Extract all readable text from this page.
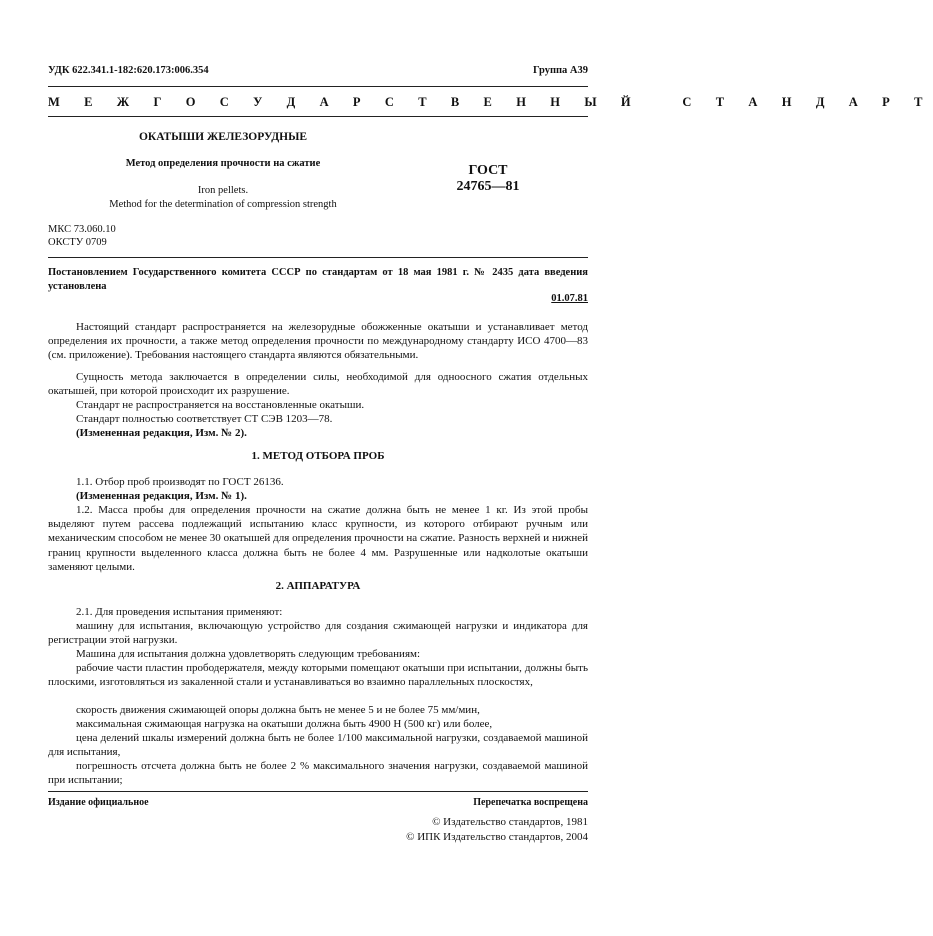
УДК 622.341.1-182:620.173:006.354	Группа А39
М Е Ж Г О С У Д А Р С Т В Е Н Н Ы Й   С Т А Н Д А Р Т
ОКАТЫШИ ЖЕЛЕЗОРУДНЫЕ
Метод определения прочности на сжатие
Iron pellets.
Method for the determination of compression strength
ГОСТ
24765—81
МКС 73.060.10
ОКСТУ 0709
Постановлением Государственного комитета СССР по стандартам от 18 мая 1981 г. № 2435 дата введения установлена
01.07.81
Настоящий стандарт распространяется на железорудные обожженные окатыши и устанавливает метод определения их прочности, а также метод определения прочности по международному стандарту ИСО 4700—83 (см. приложение). Требования настоящего стандарта являются обязательными.
Сущность метода заключается в определении силы, необходимой для одноосного сжатия отдельных окатышей, при которой происходит их разрушение.
Стандарт не распространяется на восстановленные окатыши.
Стандарт полностью соответствует СТ СЭВ 1203—78.
(Измененная редакция, Изм. № 2).
1. МЕТОД ОТБОРА ПРОБ
1.1. Отбор проб производят по ГОСТ 26136.
(Измененная редакция, Изм. № 1).
1.2. Масса пробы для определения прочности на сжатие должна быть не менее 1 кг. Из этой пробы выделяют путем рассева подлежащий испытанию класс крупности, из которого отбирают ручным или механическим способом не менее 30 окатышей для определения прочности на сжатие. Разность верхней и нижней границ крупности выделенного класса должна быть не более 4 мм. Разрушенные или надколотые окатыши заменяют целыми.
2. АППАРАТУРА
2.1. Для проведения испытания применяют:
машину для испытания, включающую устройство для создания сжимающей нагрузки и индикатора для регистрации этой нагрузки.
Машина для испытания должна удовлетворять следующим требованиям:
рабочие части пластин прободержателя, между которыми помещают окатыши при испытании, должны быть плоскими, изготовляться из закаленной стали и устанавливаться во взаимно параллельных плоскостях,
скорость движения сжимающей опоры должна быть не менее 5 и не более 75 мм/мин,
максимальная сжимающая нагрузка на окатыши должна быть 4900 Н (500 кг) или более,
цена делений шкалы измерений должна быть не более 1/100 максимальной нагрузки, создаваемой машиной для испытания,
погрешность отсчета должна быть не более 2 % максимального значения нагрузки, создаваемой машиной при испытании;
Издание официальное	Перепечатка воспрещена
© Издательство стандартов, 1981
© ИПК Издательство стандартов, 2004
